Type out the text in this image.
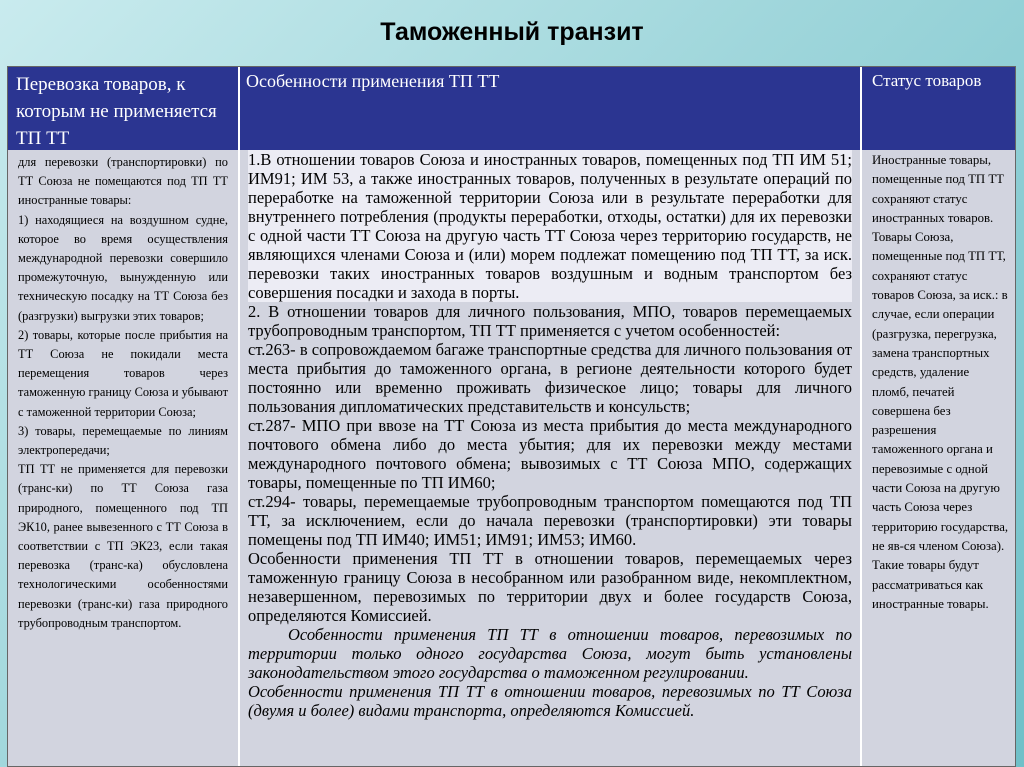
Таможенный транзит
Перевозка товаров, к которым не применяется ТП ТТ
Особенности применения ТП ТТ	Статус товаров

для перевозки (транспортировки) по ТТ Союза не помещаются под ТП ТТ иностранные товары:

1) находящиеся на воздушном судне, которое во время осуществления международной перевозки совершило промежуточную, вынужденную или техническую посадку на ТТ Союза без (разгрузки) выгрузки этих товаров;

2) товары, которые после прибытия на ТТ Союза не покидали места перемещения товаров через таможенную границу Союза и убывают с таможенной территории Союза;

3) товары, перемещаемые по линиям электропередачи;

ТП ТТ не применяется для перевозки (транс-ки) по ТТ Союза газа природного, помещенного под ТП ЭК10, ранее вывезенного с ТТ Союза в соответствии с ТП ЭК23, если такая перевозка (транс-ка) обусловлена технологическими особенностями перевозки (транс-ки) газа природного трубопроводным транспортом.

1.В отношении товаров Союза и иностранных товаров, помещенных под ТП ИМ 51; ИМ91; ИМ 53, а также иностранных товаров, полученных в результате операций по переработке на таможенной территории Союза или в результате переработки для внутреннего потребления (продукты переработки, отходы, остатки) для их перевозки с одной части ТТ Союза на другую часть ТТ Союза через территорию государств, не являющихся членами Союза и (или) морем подлежат помещению под ТП ТТ, за иск. перевозки таких иностранных товаров воздушным и водным транспортом без совершения посадки и захода в порты.

2. В отношении товаров для личного пользования, МПО, товаров перемещаемых трубопроводным транспортом, ТП ТТ применяется с учетом особенностей:

ст.263- в сопровождаемом багаже транспортные средства для личного пользования от места прибытия до таможенного органа, в регионе деятельности которого будет постоянно или временно проживать физическое лицо; товары для личного пользования дипломатических представительств и консульств;

ст.287- МПО при ввозе на ТТ Союза из места прибытия до места международного почтового обмена либо до места убытия; для их перевозки между местами международного почтового обмена; вывозимых с ТТ Союза МПО, содержащих товары, помещенные по ТП ИМ60;

ст.294- товары, перемещаемые трубопроводным транспортом помещаются под ТП ТТ, за исключением, если до начала перевозки (транспортировки) эти товары помещены под ТП ИМ40; ИМ51; ИМ91; ИМ53; ИМ60.

Особенности применения ТП ТТ в отношении товаров, перемещаемых через таможенную границу Союза в несобранном или разобранном виде, некомплектном, незавершенном, перевозимых по территории двух и более государств Союза, определяются Комиссией.

Особенности применения ТП ТТ в отношении товаров, перевозимых по территории только одного государства Союза, могут быть установлены законодательством этого государства о таможенном регулировании.

Особенности применения ТП ТТ в отношении товаров, перевозимых по ТТ Союза (двумя и более) видами транспорта, определяются Комиссией.

Иностранные товары, помещенные под ТП ТТ сохраняют статус иностранных товаров. Товары Союза, помещенные под ТП ТТ, сохраняют статус товаров Союза, за иск.: в случае, если операции (разгрузка, перегрузка, замена транспортных средств, удаление пломб, печатей совершена без разрешения таможенного органа и перевозимые с одной части Союза на другую часть Союза через территорию государства, не яв-ся членом Союза). Такие товары будут рассматриваться как иностранные товары.
